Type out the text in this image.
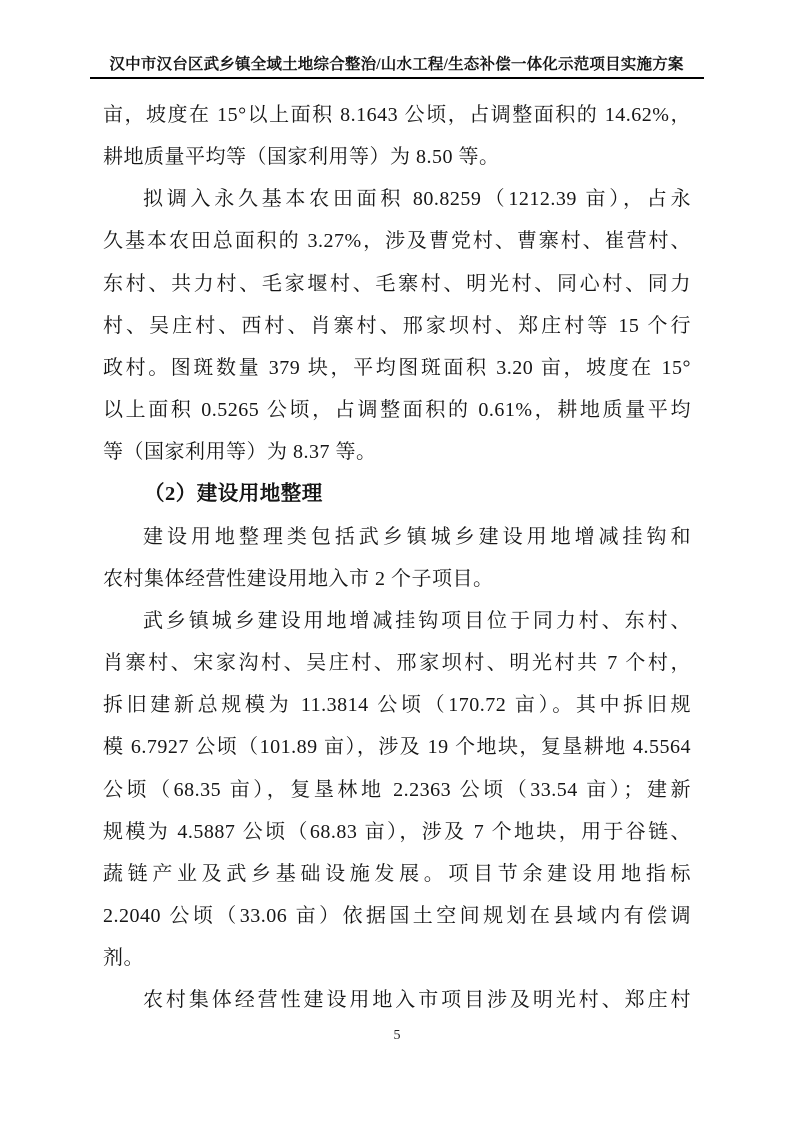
汉中市汉台区武乡镇全域土地综合整治/山水工程/生态补偿一体化示范项目实施方案
亩，坡度在 15°以上面积 8.1643 公顷，占调整面积的 14.62%，
耕地质量平均等（国家利用等）为 8.50 等。
拟调入永久基本农田面积 80.8259（1212.39 亩），占永
久基本农田总面积的 3.27%，涉及曹党村、曹寨村、崔营村、
东村、共力村、毛家堰村、毛寨村、明光村、同心村、同力
村、吴庄村、西村、肖寨村、邢家坝村、郑庄村等 15 个行
政村。图斑数量 379 块，平均图斑面积 3.20 亩，坡度在 15°
以上面积 0.5265 公顷，占调整面积的 0.61%，耕地质量平均
等（国家利用等）为 8.37 等。
（2）建设用地整理
建设用地整理类包括武乡镇城乡建设用地增减挂钩和
农村集体经营性建设用地入市 2 个子项目。
武乡镇城乡建设用地增减挂钩项目位于同力村、东村、
肖寨村、宋家沟村、吴庄村、邢家坝村、明光村共 7 个村，
拆旧建新总规模为 11.3814 公顷（170.72 亩）。其中拆旧规
模 6.7927 公顷（101.89 亩），涉及 19 个地块，复垦耕地 4.5564
公顷（68.35 亩），复垦林地 2.2363 公顷（33.54 亩）；建新
规模为 4.5887 公顷（68.83 亩），涉及 7 个地块，用于谷链、
蔬链产业及武乡基础设施发展。项目节余建设用地指标
2.2040 公顷（33.06 亩）依据国土空间规划在县域内有偿调
剂。
农村集体经营性建设用地入市项目涉及明光村、郑庄村
5
